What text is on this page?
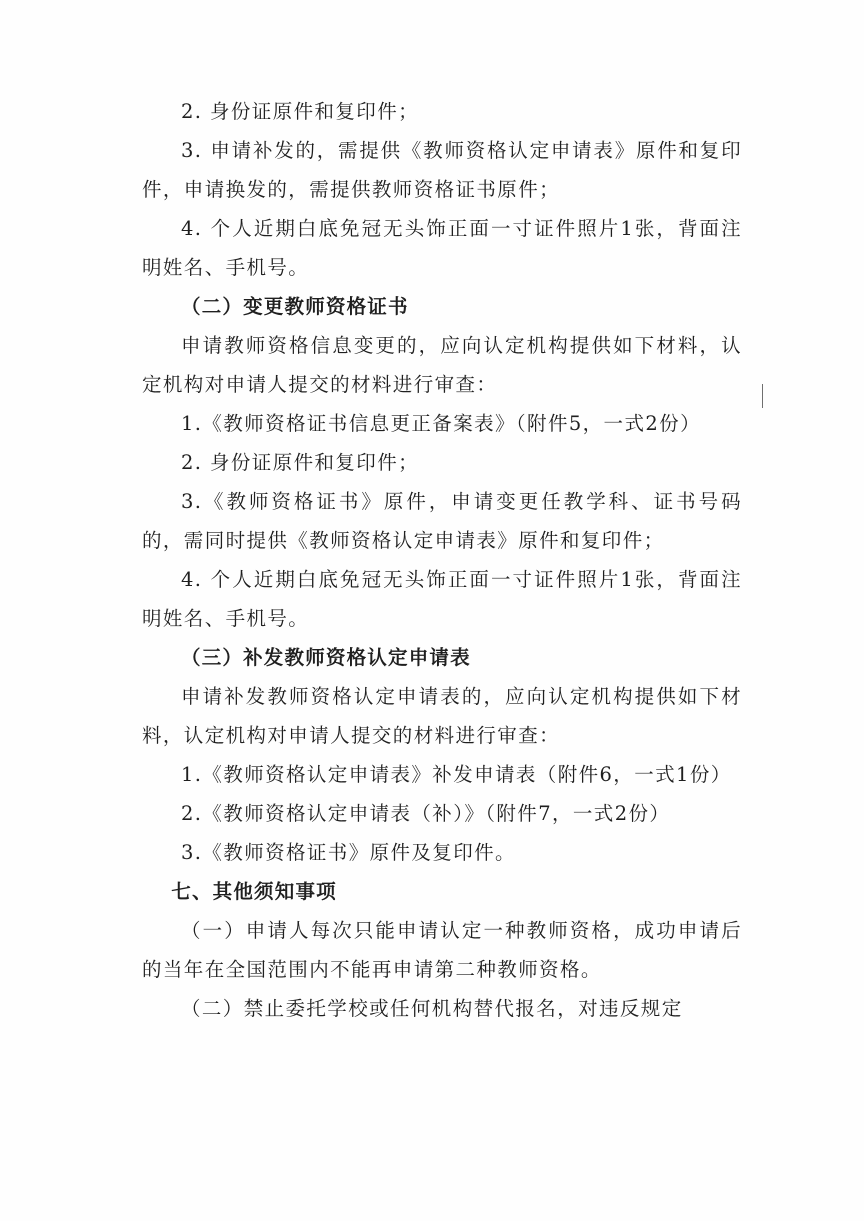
2. 身份证原件和复印件；

3. 申请补发的，需提供《教师资格认定申请表》原件和复印件，申请换发的，需提供教师资格证书原件；

4. 个人近期白底免冠无头饰正面一寸证件照片1张，背面注明姓名、手机号。

（二）变更教师资格证书

申请教师资格信息变更的，应向认定机构提供如下材料，认定机构对申请人提交的材料进行审查：

1.《教师资格证书信息更正备案表》（附件5，一式2份）

2. 身份证原件和复印件；

3.《教师资格证书》原件，申请变更任教学科、证书号码的，需同时提供《教师资格认定申请表》原件和复印件；

4. 个人近期白底免冠无头饰正面一寸证件照片1张，背面注明姓名、手机号。

（三）补发教师资格认定申请表

申请补发教师资格认定申请表的，应向认定机构提供如下材料，认定机构对申请人提交的材料进行审查：

1.《教师资格认定申请表》补发申请表（附件6，一式1份）

2.《教师资格认定申请表（补）》（附件7，一式2份）

3.《教师资格证书》原件及复印件。

七、其他须知事项

（一）申请人每次只能申请认定一种教师资格，成功申请后的当年在全国范围内不能再申请第二种教师资格。

（二）禁止委托学校或任何机构替代报名，对违反规定
